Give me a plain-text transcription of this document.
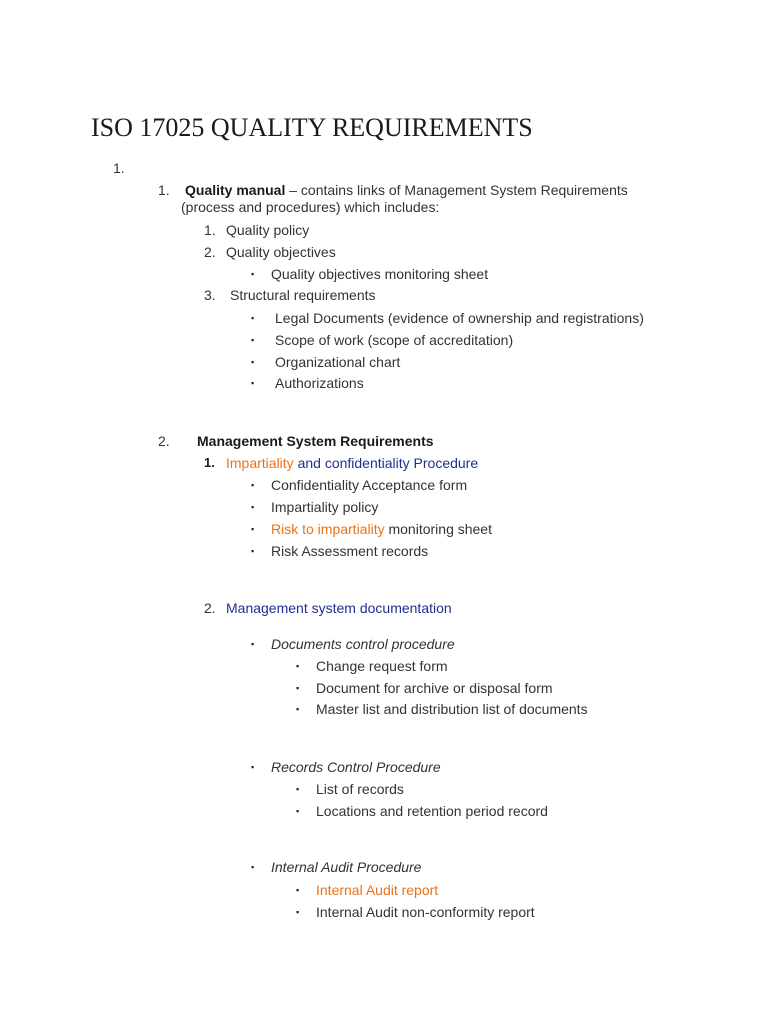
ISO 17025 QUALITY REQUIREMENTS
1.
1. Quality manual – contains links of Management System Requirements
(process and procedures) which includes:
1. Quality policy
2. Quality objectives
▪ Quality objectives monitoring sheet
3. Structural requirements
▪ Legal Documents (evidence of ownership and registrations)
▪ Scope of work (scope of accreditation)
▪ Organizational chart
▪ Authorizations
2. Management System Requirements
1. Impartiality and confidentiality Procedure
▪ Confidentiality Acceptance form
▪ Impartiality policy
▪ Risk to impartiality monitoring sheet
▪ Risk Assessment records
2. Management system documentation
▪ Documents control procedure
▪ Change request form
▪ Document for archive or disposal form
▪ Master list and distribution list of documents
▪ Records Control Procedure
▪ List of records
▪ Locations and retention period record
▪ Internal Audit Procedure
▪ Internal Audit report
▪ Internal Audit non-conformity report
